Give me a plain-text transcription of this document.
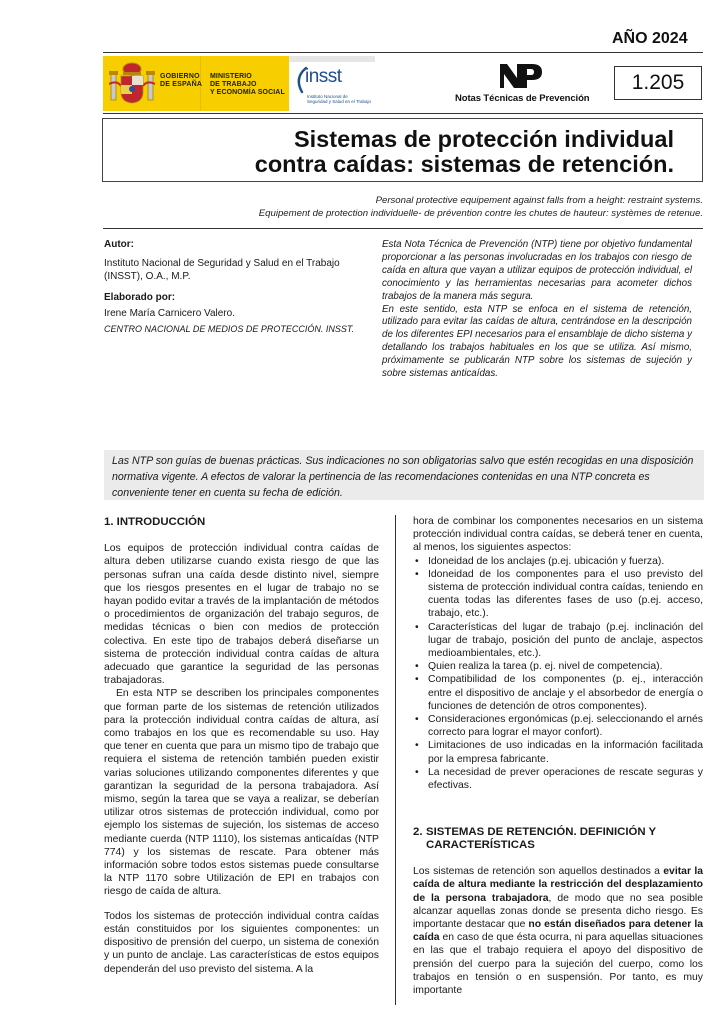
AÑO 2024
GOBIERNO
DE ESPAÑA
MINISTERIO
DE TRABAJO
Y ECONOMÍA SOCIAL
insst
Instituto Nacional de
Seguridad y Salud en el Trabajo	Notas Técnicas de Prevención
1.205
Sistemas de protección individual
contra caídas: sistemas de retención.
Personal protective equipement against falls from a height: restraint systems.
Equipement de protection individuelle- de prévention contre les chutes de hauteur: systèmes de retenue.
Autor:
Instituto Nacional de Seguridad y Salud en el Trabajo
(INSST), O.A., M.P.
Elaborado por:
Irene María Carnicero Valero.
CENTRO NACIONAL DE MEDIOS DE PROTECCIÓN. INSST.

Esta Nota Técnica de Prevención (NTP) tiene por objetivo fundamental proporcionar a las personas involucradas en los trabajos con riesgo de caída en altura que vayan a utilizar equipos de protección individual, el conocimiento y las herramientas necesarias para acometer dichos trabajos de la manera más segura.

En este sentido, esta NTP se enfoca en el sistema de retención, utilizado para evitar las caídas de altura, centrándose en la descripción de los diferentes EPI necesarios para el ensamblaje de dicho sistema y detallando los trabajos habituales en los que se utiliza. Así mismo, próximamente se publicarán NTP sobre los sistemas de sujeción y sobre sistemas anticaídas.

Las NTP son guías de buenas prácticas. Sus indicaciones no son obligatorias salvo que estén recogidas en una disposición normativa vigente. A efectos de valorar la pertinencia de las recomendaciones contenidas en una NTP concreta es conveniente tener en cuenta su fecha de edición.
1. INTRODUCCIÓN

Los equipos de protección individual contra caídas de altura deben utilizarse cuando exista riesgo de que las personas sufran una caída desde distinto nivel, siempre que los riesgos presentes en el lugar de trabajo no se hayan podido evitar a través de la implantación de métodos o procedimientos de organización del trabajo seguros, de medidas técnicas o bien con medios de protección colectiva. En este tipo de trabajos deberá diseñarse un sistema de protección individual contra caídas de altura adecuado que garantice la seguridad de las personas trabajadoras.

En esta NTP se describen los principales componentes que forman parte de los sistemas de retención utilizados para la protección individual contra caídas de altura, así como trabajos en los que es recomendable su uso. Hay que tener en cuenta que para un mismo tipo de trabajo que requiera el sistema de retención también pueden existir varias soluciones utilizando componentes diferentes y que garantizan la seguridad de la persona trabajadora. Así mismo, según la tarea que se vaya a realizar, se deberían utilizar otros sistemas de protección individual, como por ejemplo los sistemas de sujeción, los sistemas de acceso mediante cuerda (NTP 1110), los sistemas anticaídas (NTP 774) y los sistemas de rescate. Para obtener más información sobre todos estos sistemas puede consultarse la NTP 1170 sobre Utilización de EPI en trabajos con riesgo de caída de altura.

Todos los sistemas de protección individual contra caídas están constituidos por los siguientes componentes: un dispositivo de prensión del cuerpo, un sistema de conexión y un punto de anclaje. Las características de estos equipos dependerán del uso previsto del sistema. A la

hora de combinar los componentes necesarios en un sistema protección individual contra caídas, se deberá tener en cuenta, al menos, los siguientes aspectos:

• Idoneidad de los anclajes (p.ej. ubicación y fuerza).
• Idoneidad de los componentes para el uso previsto del sistema de protección individual contra caídas, teniendo en cuenta todas las diferentes fases de uso (p.ej. acceso, trabajo, etc.).
• Características del lugar de trabajo (p.ej. inclinación del lugar de trabajo, posición del punto de anclaje, aspectos medioambientales, etc.).
• Quien realiza la tarea (p. ej. nivel de competencia).
• Compatibilidad de los componentes (p. ej., interacción entre el dispositivo de anclaje y el absorbedor de energía o funciones de detención de otros componentes).
• Consideraciones ergonómicas (p.ej. seleccionando el arnés correcto para lograr el mayor confort).
• Limitaciones de uso indicadas en la información facilitada por la empresa fabricante.
• La necesidad de prever operaciones de rescate seguras y efectivas.
2. SISTEMAS DE RETENCIÓN. DEFINICIÓN Y CARACTERÍSTICAS

Los sistemas de retención son aquellos destinados a evitar la caída de altura mediante la restricción del desplazamiento de la persona trabajadora, de modo que no sea posible alcanzar aquellas zonas donde se presenta dicho riesgo. Es importante destacar que no están diseñados para detener la caída en caso de que ésta ocurra, ni para aquellas situaciones en las que el trabajo requiera el apoyo del dispositivo de prensión del cuerpo para la sujeción del cuerpo, como los trabajos en tensión o en suspensión. Por tanto, es muy importante
